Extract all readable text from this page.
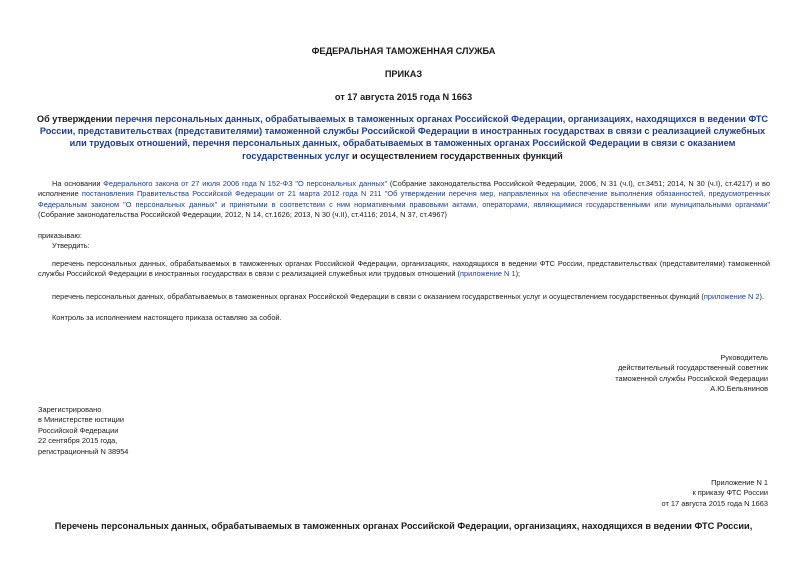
ФЕДЕРАЛЬНАЯ ТАМОЖЕННАЯ СЛУЖБА
ПРИКАЗ
от 17 августа 2015 года N 1663
Об утверждении перечня персональных данных, обрабатываемых в таможенных органах Российской Федерации, организациях, находящихся в ведении ФТС России, представительствах (представителями) таможенной службы Российской Федерации в иностранных государствах в связи с реализацией служебных или трудовых отношений, перечня персональных данных, обрабатываемых в таможенных органах Российской Федерации в связи с оказанием государственных услуг и осуществлением государственных функций
На основании Федерального закона от 27 июля 2006 года N 152-ФЗ "О персональных данных" (Собрание законодательства Российской Федерации, 2006, N 31 (ч.I), ст.3451; 2014, N 30 (ч.I), ст.4217) и во исполнение постановления Правительства Российской Федерации от 21 марта 2012 года N 211 "Об утверждении перечня мер, направленных на обеспечение выполнения обязанностей, предусмотренных Федеральным законом "О персональных данных" и принятыми в соответствии с ним нормативными правовыми актами, операторами, являющимися государственными или муниципальными органами" (Собрание законодательства Российской Федерации, 2012, N 14, ст.1626; 2013, N 30 (ч.II), ст.4116; 2014, N 37, ст.4967)
приказываю:
Утвердить:
перечень персональных данных, обрабатываемых в таможенных органах Российской Федерации, организациях, находящихся в ведении ФТС России, представительствах (представителями) таможенной службы Российской Федерации в иностранных государствах в связи с реализацией служебных или трудовых отношений (приложение N 1);
перечень персональных данных, обрабатываемых в таможенных органах Российской Федерации в связи с оказанием государственных услуг и осуществлением государственных функций (приложение N 2).
Контроль за исполнением настоящего приказа оставляю за собой.
Руководитель
действительный государственный советник
таможенной службы Российской Федерации
А.Ю.Бельянинов
Зарегистрировано
в Министерстве юстиции
Российской Федерации
22 сентября 2015 года,
регистрационный N 38954
Приложение N 1
к приказу ФТС России
от 17 августа 2015 года N 1663
Перечень персональных данных, обрабатываемых в таможенных органах Российской Федерации, организациях, находящихся в ведении ФТС России,
